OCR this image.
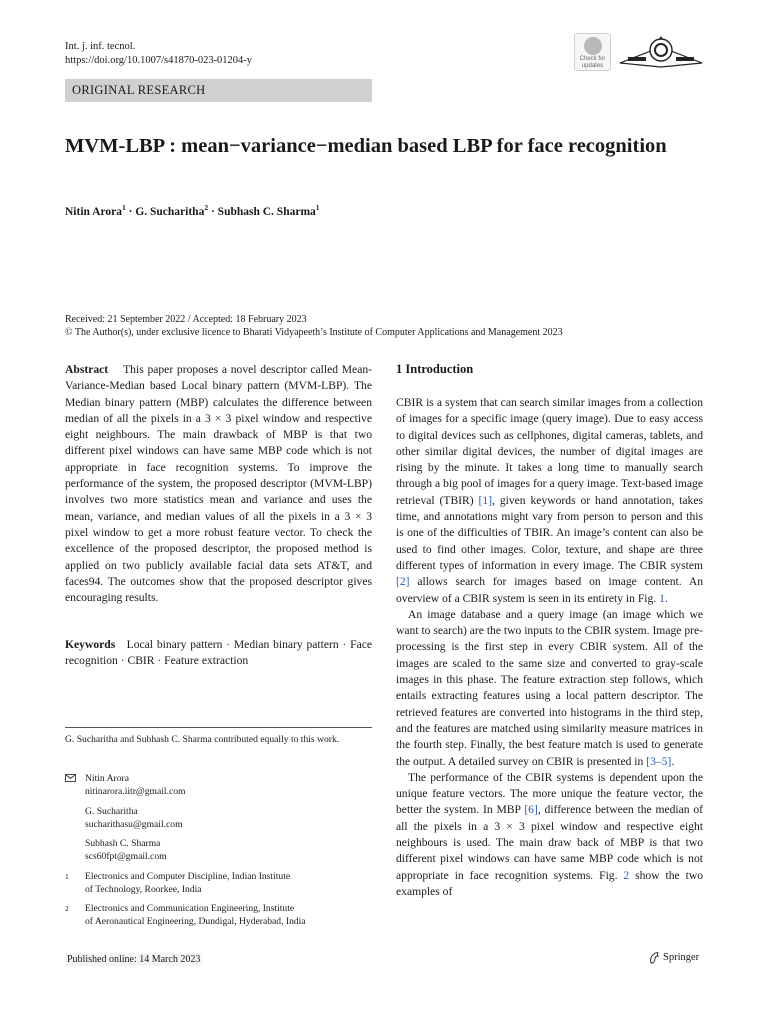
Int. j. inf. tecnol.
https://doi.org/10.1007/s41870-023-01204-y	Check for
updates
ORIGINAL RESEARCH
MVM-LBP : mean−variance−median based LBP for face recognition
Nitin Arora$^1$ · G. Sucharitha$^2$ · Subhash C. Sharma$^1$
Received: 21 September 2022 / Accepted: 18 February 2023
© The Author(s), under exclusive licence to Bharati Vidyapeeth’s Institute of Computer Applications and Management 2023
Abstract This paper proposes a novel descriptor called Mean-Variance-Median based Local binary pattern (MVM-LBP). The Median binary pattern (MBP) calculates the difference between median of all the pixels in a 3 × 3 pixel window and respective eight neighbours. The main drawback of MBP is that two different pixel windows can have same MBP code which is not appropriate in face recognition systems. To improve the performance of the system, the proposed descriptor (MVM-LBP) involves two more statistics mean and variance and uses the mean, variance, and median values of all the pixels in a 3 × 3 pixel window to get a more robust feature vector. To check the excellence of the proposed descriptor, the proposed method is applied on two publicly available facial data sets AT&T, and faces94. The outcomes show that the proposed descriptor gives encouraging results.
Keywords Local binary pattern · Median binary pattern · Face recognition · CBIR · Feature extraction
G. Sucharitha and Subhash C. Sharma contributed equally to this work.
Nitin Arora
nitinarora.iitr@gmail.com
G. Sucharitha
sucharithasu@gmail.com
Subhash C. Sharma
scs60fpt@gmail.com
1 Electronics and Computer Discipline, Indian Institute
of Technology, Roorkee, India
2 Electronics and Communication Engineering, Institute
of Aeronautical Engineering, Dundigal, Hyderabad, India
1 Introduction

CBIR is a system that can search similar images from a collection of images for a specific image (query image). Due to easy access to digital devices such as cellphones, digital cameras, tablets, and other similar digital devices, the number of digital images are rising by the minute. It takes a long time to manually search through a big pool of images for a query image. Text-based image retrieval (TBIR) [1], given keywords or hand annotation, takes time, and annotations might vary from person to person and this is one of the difficulties of TBIR. An image’s content can also be used to find other images. Color, texture, and shape are three different types of information in every image. The CBIR system [2] allows search for images based on image content. An overview of a CBIR system is seen in its entirety in Fig. 1.

An image database and a query image (an image which we want to search) are the two inputs to the CBIR system. Image pre-processing is the first step in every CBIR system. All of the images are scaled to the same size and converted to gray-scale images in this phase. The feature extraction step follows, which entails extracting features using a local pattern descriptor. The retrieved features are converted into histograms in the third step, and the features are matched using similarity measure matrices in the fourth step. Finally, the best feature match is used to generate the output. A detailed survey on CBIR is presented in [3–5].

The performance of the CBIR systems is dependent upon the unique feature vectors. The more unique the feature vector, the better the system. In MBP [6], difference between the median of all the pixels in a 3 × 3 pixel window and respective eight neighbours is used. The main draw back of MBP is that two different pixel windows can have same MBP code which is not appropriate in face recognition systems. Fig. 2 show the two examples of

Published online: 14 March 2023	Springer
